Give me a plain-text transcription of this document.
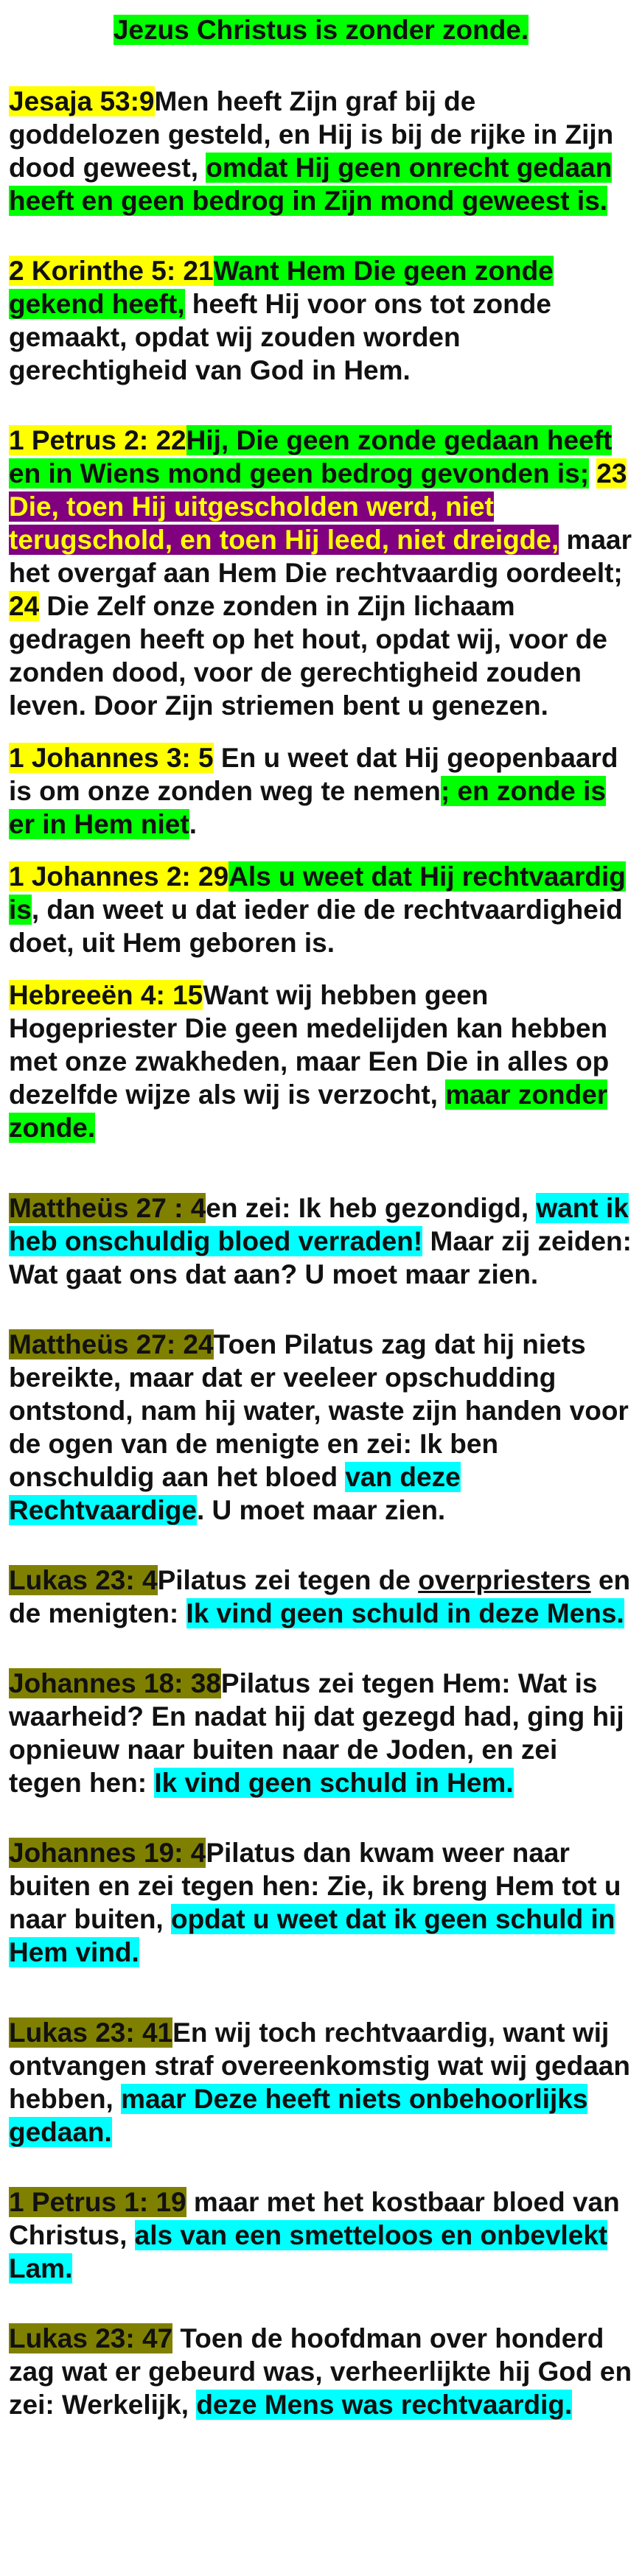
Jezus Christus is zonder zonde.

Jesaja 53:9Men heeft Zijn graf bij de goddelozen gesteld, en Hij is bij de rijke in Zijn dood geweest, omdat Hij geen onrecht gedaan heeft en geen bedrog in Zijn mond geweest is.

2 Korinthe 5: 21Want Hem Die geen zonde gekend heeft, heeft Hij voor ons tot zonde gemaakt, opdat wij zouden worden gerechtigheid van God in Hem.

1 Petrus 2: 22Hij, Die geen zonde gedaan heeft en in Wiens mond geen bedrog gevonden is; 23 Die, toen Hij uitgescholden werd, niet terugschold, en toen Hij leed, niet dreigde, maar het overgaf aan Hem Die rechtvaardig oordeelt; 24 Die Zelf onze zonden in Zijn lichaam gedragen heeft op het hout, opdat wij, voor de zonden dood, voor de gerechtigheid zouden leven. Door Zijn striemen bent u genezen.

1 Johannes 3: 5 En u weet dat Hij geopenbaard is om onze zonden weg te nemen; en zonde is er in Hem niet.

1 Johannes 2: 29Als u weet dat Hij rechtvaardig is, dan weet u dat ieder die de rechtvaardigheid doet, uit Hem geboren is.

Hebreeën 4: 15Want wij hebben geen Hogepriester Die geen medelijden kan hebben met onze zwakheden, maar Een Die in alles op dezelfde wijze als wij is verzocht, maar zonder zonde.

Mattheüs 27 : 4en zei: Ik heb gezondigd, want ik heb onschuldig bloed verraden! Maar zij zeiden: Wat gaat ons dat aan? U moet maar zien.

Mattheüs 27: 24Toen Pilatus zag dat hij niets bereikte, maar dat er veeleer opschudding ontstond, nam hij water, waste zijn handen voor de ogen van de menigte en zei: Ik ben onschuldig aan het bloed van deze Rechtvaardige. U moet maar zien.

Lukas 23: 4Pilatus zei tegen de overpriesters en de menigten: Ik vind geen schuld in deze Mens.

Johannes 18: 38Pilatus zei tegen Hem: Wat is waarheid? En nadat hij dat gezegd had, ging hij opnieuw naar buiten naar de Joden, en zei tegen hen: Ik vind geen schuld in Hem.

Johannes 19: 4Pilatus dan kwam weer naar buiten en zei tegen hen: Zie, ik breng Hem tot u naar buiten, opdat u weet dat ik geen schuld in Hem vind.

Lukas 23: 41En wij toch rechtvaardig, want wij ontvangen straf overeenkomstig wat wij gedaan hebben, maar Deze heeft niets onbehoorlijks gedaan.

1 Petrus 1: 19 maar met het kostbaar bloed van Christus, als van een smetteloos en onbevlekt Lam.

Lukas 23: 47 Toen de hoofdman over honderd zag wat er gebeurd was, verheerlijkte hij God en zei: Werkelijk, deze Mens was rechtvaardig.
